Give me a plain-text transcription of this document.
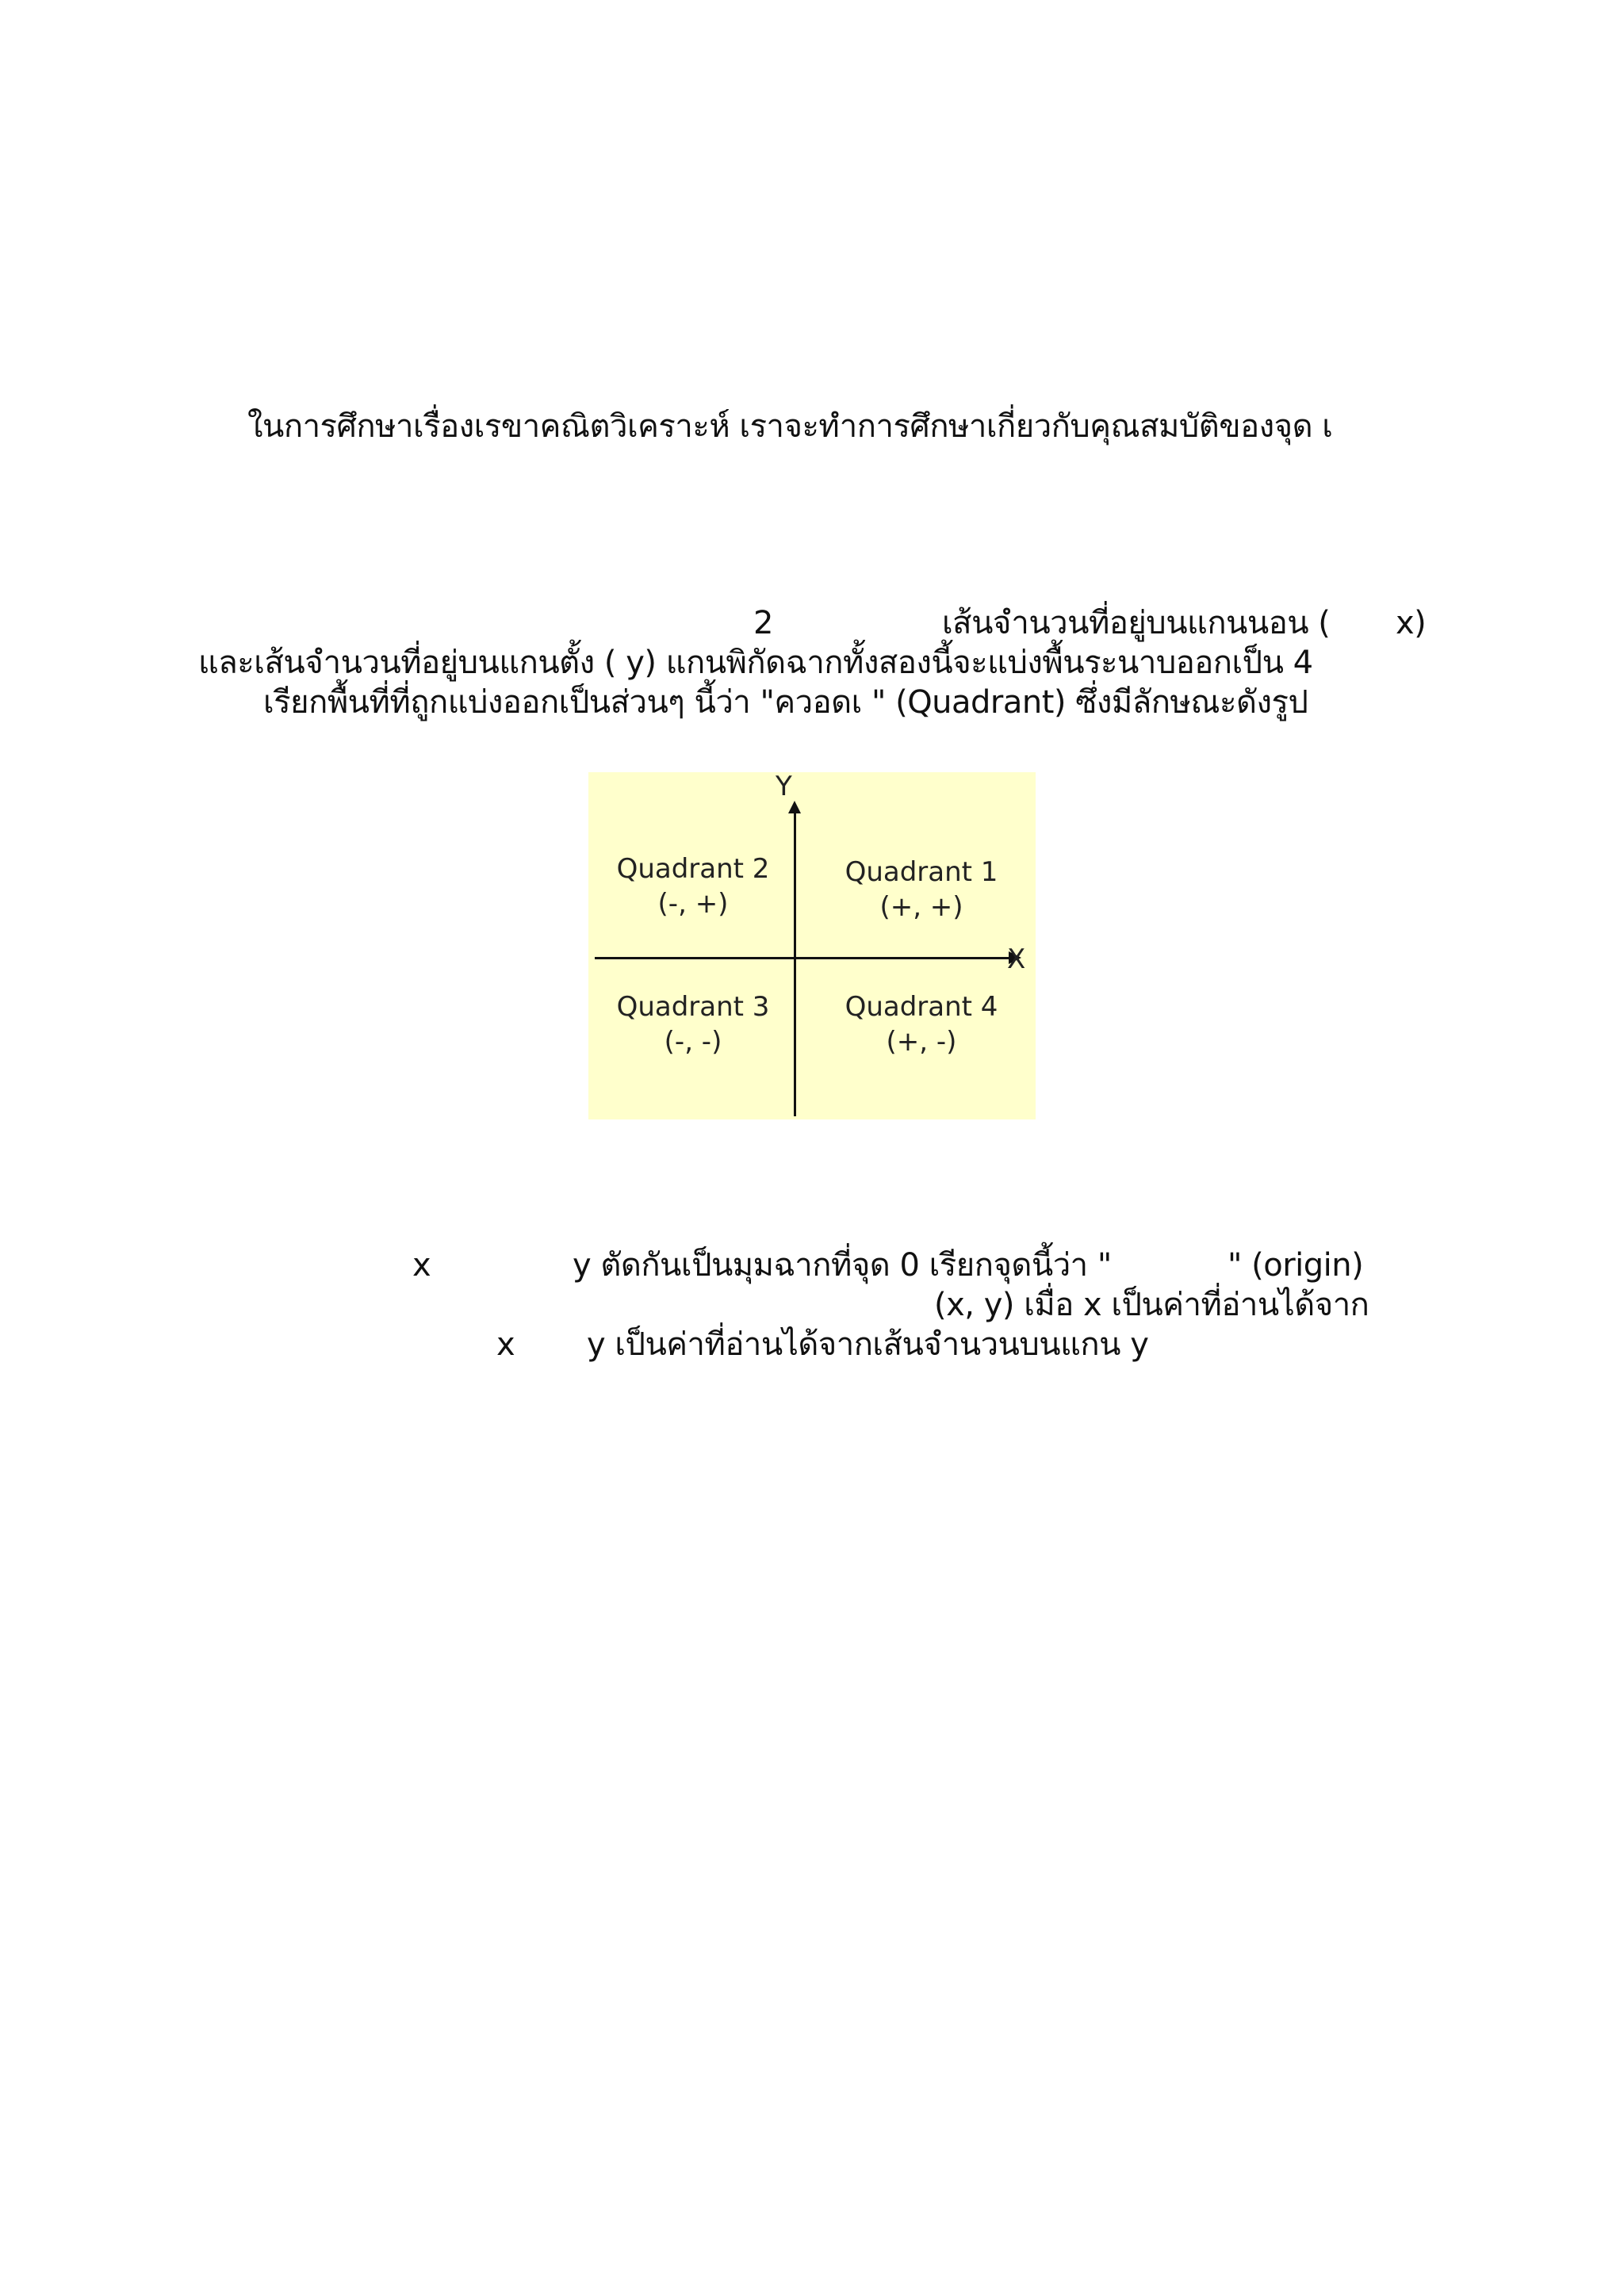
ในการศึกษาเรื่องเรขาคณิตวิเคราะห์ เราจะทำการศึกษาเกี่ยวกับคุณสมบัติของจุด เ
2	เส้นจำนวนที่อยู่บนแกนนอน ( x)
และเส้นจำนวนที่อยู่บนแกนตั้ง ( y) แกนพิกัดฉากทั้งสองนี้จะแบ่งพื้นระนาบออกเป็น 4
เรียกพื้นที่ที่ถูกแบ่งออกเป็นส่วนๆ นี้ว่า "ควอดเ " (Quadrant) ซึ่งมีลักษณะดังรูป
Y
X
Quadrant 1
(+, +)
Quadrant 2
(-, +)
Quadrant 3
(-, -)
Quadrant 4
(+, -)
x	y ตัดกันเป็นมุมฉากที่จุด 0 เรียกจุดนี้ว่า "	" (origin)
(x, y) เมื่อ x เป็นค่าที่อ่านได้จาก
x y เป็นค่าที่อ่านได้จากเส้นจำนวนบนแกน y
